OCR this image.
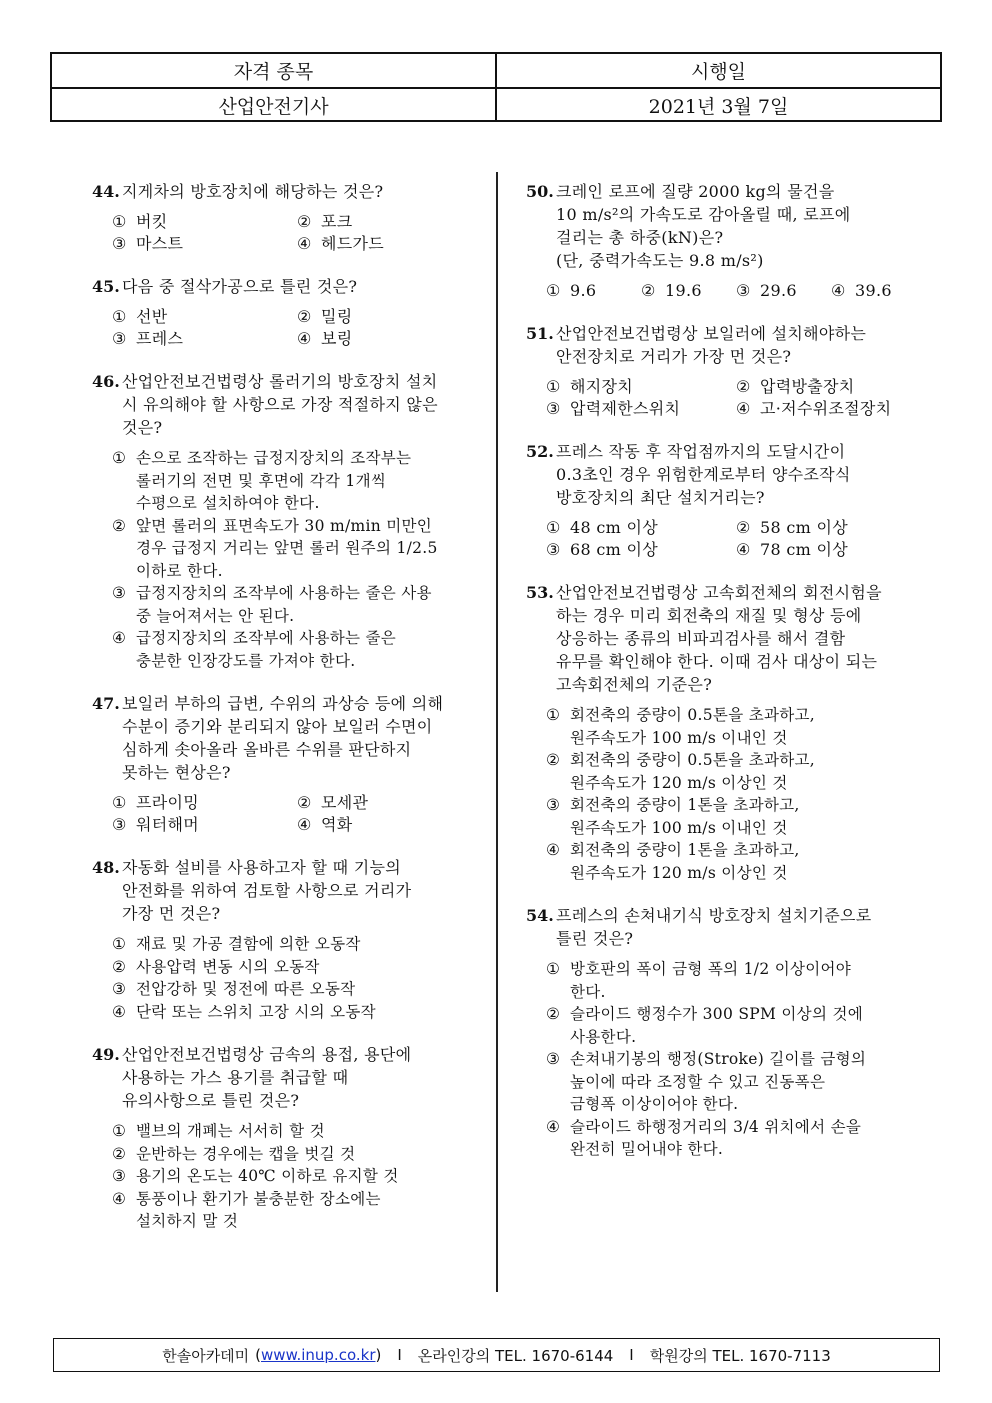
자격 종목	시행일
산업안전기사	2021년 3월 7일
44. 지게차의 방호장치에 해당하는 것은?
① 버킷	② 포크
③ 마스트	④ 헤드가드
45. 다음 중 절삭가공으로 틀린 것은?
① 선반	② 밀링
③ 프레스	④ 보링
46. 산업안전보건법령상 롤러기의 방호장치 설치
시 유의해야 할 사항으로 가장 적절하지 않은
것은?
① 손으로 조작하는 급정지장치의 조작부는
롤러기의 전면 및 후면에 각각 1개씩
수평으로 설치하여야 한다.
② 앞면 롤러의 표면속도가 30 m/min 미만인
경우 급정지 거리는 앞면 롤러 원주의 1/2.5
이하로 한다.
③ 급정지장치의 조작부에 사용하는 줄은 사용
중 늘어져서는 안 된다.
④ 급정지장치의 조작부에 사용하는 줄은
충분한 인장강도를 가져야 한다.
47. 보일러 부하의 급변, 수위의 과상승 등에 의해
수분이 증기와 분리되지 않아 보일러 수면이
심하게 솟아올라 올바른 수위를 판단하지
못하는 현상은?
① 프라이밍	② 모세관
③ 워터해머	④ 역화
48. 자동화 설비를 사용하고자 할 때 기능의
안전화를 위하여 검토할 사항으로 거리가
가장 먼 것은?
① 재료 및 가공 결함에 의한 오동작
② 사용압력 변동 시의 오동작
③ 전압강하 및 정전에 따른 오동작
④ 단락 또는 스위치 고장 시의 오동작
49. 산업안전보건법령상 금속의 용접, 용단에
사용하는 가스 용기를 취급할 때
유의사항으로 틀린 것은?
① 밸브의 개폐는 서서히 할 것
② 운반하는 경우에는 캡을 벗길 것
③ 용기의 온도는 40℃ 이하로 유지할 것
④ 통풍이나 환기가 불충분한 장소에는
설치하지 말 것
50. 크레인 로프에 질량 2000 kg의 물건을
10 m/s²의 가속도로 감아올릴 때, 로프에
걸리는 총 하중(kN)은?
(단, 중력가속도는 9.8 m/s²)
① 9.6	② 19.6	③ 29.6	④ 39.6
51. 산업안전보건법령상 보일러에 설치해야하는
안전장치로 거리가 가장 먼 것은?
① 해지장치	② 압력방출장치
③ 압력제한스위치	④ 고·저수위조절장치
52. 프레스 작동 후 작업점까지의 도달시간이
0.3초인 경우 위험한계로부터 양수조작식
방호장치의 최단 설치거리는?
① 48 cm 이상	② 58 cm 이상
③ 68 cm 이상	④ 78 cm 이상
53. 산업안전보건법령상 고속회전체의 회전시험을
하는 경우 미리 회전축의 재질 및 형상 등에
상응하는 종류의 비파괴검사를 해서 결함
유무를 확인해야 한다. 이때 검사 대상이 되는
고속회전체의 기준은?
① 회전축의 중량이 0.5톤을 초과하고,
원주속도가 100 m/s 이내인 것
② 회전축의 중량이 0.5톤을 초과하고,
원주속도가 120 m/s 이상인 것
③ 회전축의 중량이 1톤을 초과하고,
원주속도가 100 m/s 이내인 것
④ 회전축의 중량이 1톤을 초과하고,
원주속도가 120 m/s 이상인 것
54. 프레스의 손쳐내기식 방호장치 설치기준으로
틀린 것은?
① 방호판의 폭이 금형 폭의 1/2 이상이어야
한다.
② 슬라이드 행정수가 300 SPM 이상의 것에
사용한다.
③ 손쳐내기봉의 행정(Stroke) 길이를 금형의
높이에 따라 조정할 수 있고 진동폭은
금형폭 이상이어야 한다.
④ 슬라이드 하행정거리의 3/4 위치에서 손을
완전히 밀어내야 한다.
한솔아카데미 ( www.inup.co.kr ) I 온라인강의 TEL. 1670-6144 I 학원강의 TEL. 1670-7113
